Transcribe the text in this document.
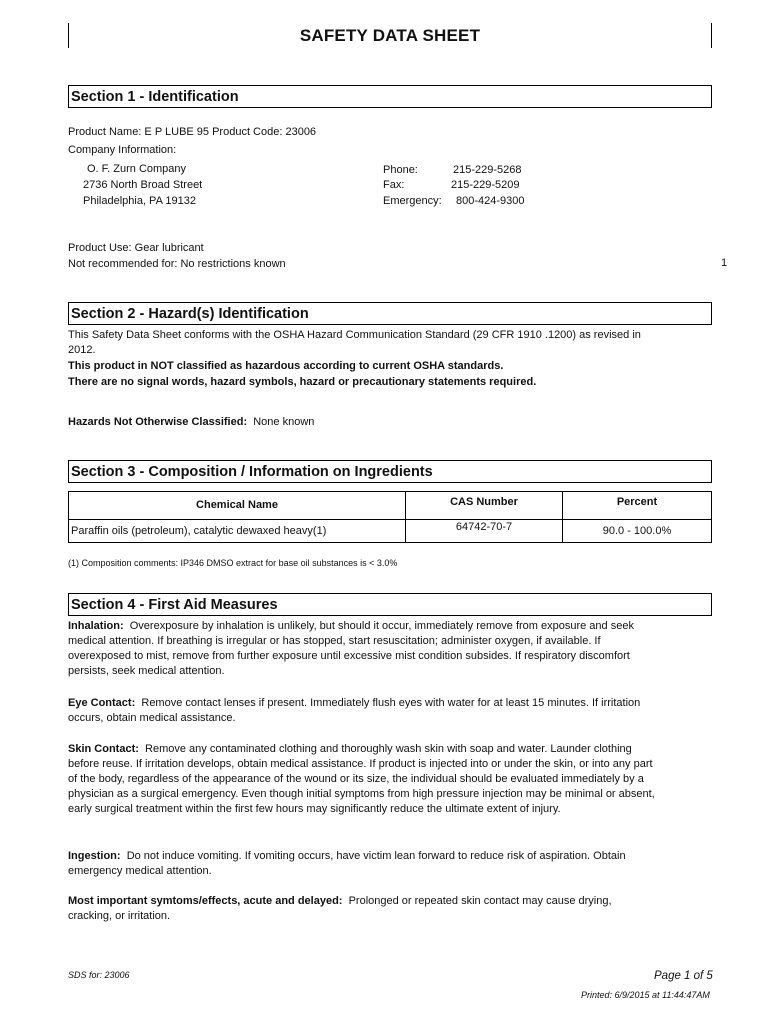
SAFETY DATA SHEET
Section 1 - Identification
Product Name: E P LUBE 95 Product Code: 23006
Company Information:
O. F. Zurn Company
2736 North Broad Street
Philadelphia, PA 19132
Phone:	215-229-5268
Fax:	215-229-5209
Emergency: 800-424-9300
Product Use: Gear lubricant
Not recommended for: No restrictions known	1
Section 2 - Hazard(s) Identification
This Safety Data Sheet conforms with the OSHA Hazard Communication Standard (29 CFR 1910 .1200) as revised in 2012.
This product in NOT classified as hazardous according to current OSHA standards.
There are no signal words, hazard symbols, hazard or precautionary statements required.
Hazards Not Otherwise Classified: None known
Section 3 - Composition / Information on Ingredients
Chemical Name	CAS Number	Percent
Paraffin oils (petroleum), catalytic dewaxed heavy(1)	64742-70-7	90.0 - 100.0%
(1) Composition comments: IP346 DMSO extract for base oil substances is < 3.0%
Section 4 - First Aid Measures
Inhalation: Overexposure by inhalation is unlikely, but should it occur, immediately remove from exposure and seek medical attention. If breathing is irregular or has stopped, start resuscitation; administer oxygen, if available. If overexposed to mist, remove from further exposure until excessive mist condition subsides. If respiratory discomfort persists, seek medical attention.
Eye Contact: Remove contact lenses if present. Immediately flush eyes with water for at least 15 minutes. If irritation occurs, obtain medical assistance.
Skin Contact: Remove any contaminated clothing and thoroughly wash skin with soap and water. Launder clothing before reuse. If irritation develops, obtain medical assistance. If product is injected into or under the skin, or into any part of the body, regardless of the appearance of the wound or its size, the individual should be evaluated immediately by a physician as a surgical emergency. Even though initial symptoms from high pressure injection may be minimal or absent, early surgical treatment within the first few hours may significantly reduce the ultimate extent of injury.
Ingestion: Do not induce vomiting. If vomiting occurs, have victim lean forward to reduce risk of aspiration. Obtain emergency medical attention.
Most important symtoms/effects, acute and delayed: Prolonged or repeated skin contact may cause drying, cracking, or irritation.
SDS for: 23006	Page 1 of 5
Printed: 6/9/2015 at 11:44:47AM
